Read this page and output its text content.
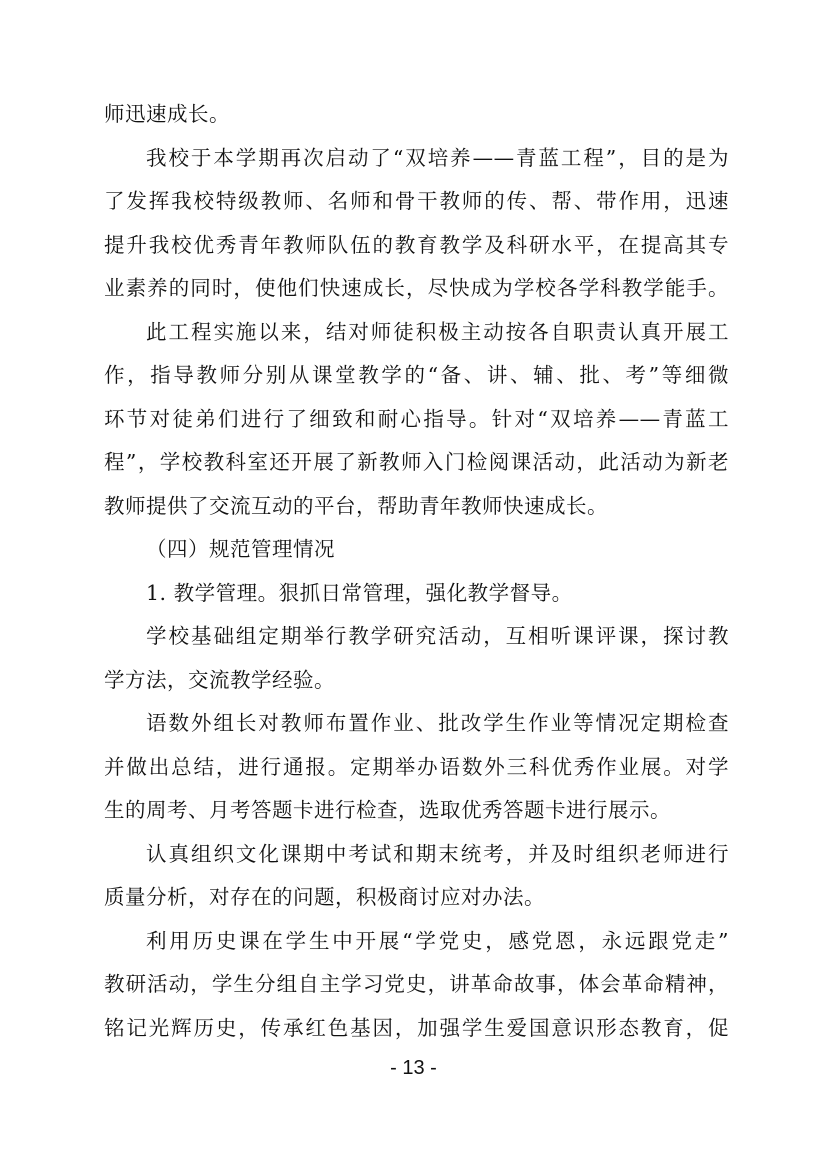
师迅速成长。
我校于本学期再次启动了“双培养——青蓝工程”，目的是为
了发挥我校特级教师、名师和骨干教师的传、帮、带作用，迅速
提升我校优秀青年教师队伍的教育教学及科研水平，在提高其专
业素养的同时，使他们快速成长，尽快成为学校各学科教学能手。
此工程实施以来，结对师徒积极主动按各自职责认真开展工
作，指导教师分别从课堂教学的“备、讲、辅、批、考”等细微
环节对徒弟们进行了细致和耐心指导。针对“双培养——青蓝工
程”，学校教科室还开展了新教师入门检阅课活动，此活动为新老
教师提供了交流互动的平台，帮助青年教师快速成长。
（四）规范管理情况
1. 教学管理。狠抓日常管理，强化教学督导。
学校基础组定期举行教学研究活动，互相听课评课，探讨教
学方法，交流教学经验。
语数外组长对教师布置作业、批改学生作业等情况定期检查
并做出总结，进行通报。定期举办语数外三科优秀作业展。对学
生的周考、月考答题卡进行检查，选取优秀答题卡进行展示。
认真组织文化课期中考试和期末统考，并及时组织老师进行
质量分析，对存在的问题，积极商讨应对办法。
利用历史课在学生中开展“学党史，感党恩，永远跟党走”
教研活动，学生分组自主学习党史，讲革命故事，体会革命精神，
铭记光辉历史，传承红色基因，加强学生爱国意识形态教育，促
- 13 -
